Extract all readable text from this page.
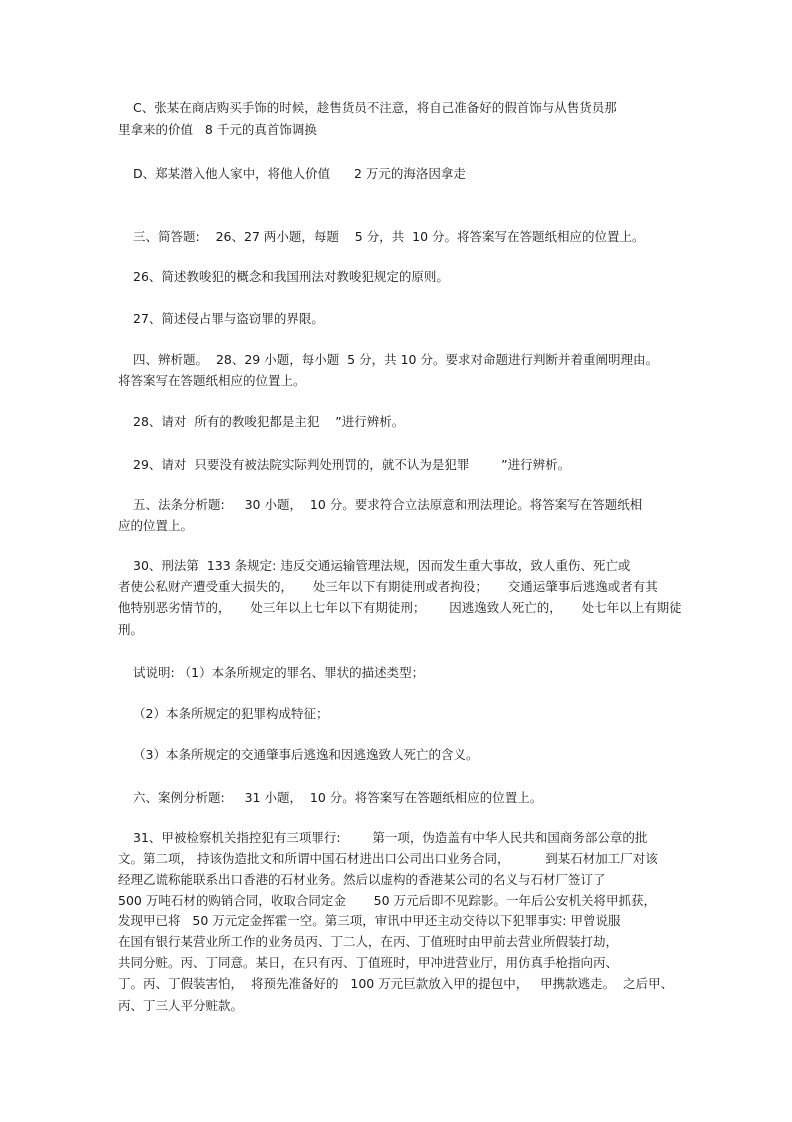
C、张某在商店购买手饰的时候，趁售货员不注意，将自己准备好的假首饰与从售货员那

里拿来的价值   8 千元的真首饰调换

D、郑某潜入他人家中，将他人价值      2 万元的海洛因拿走

三、简答题:    26、27 两小题，每题    5 分，共  10 分。将答案写在答题纸相应的位置上。

26、简述教唆犯的概念和我国刑法对教唆犯规定的原则。

27、简述侵占罪与盗窃罪的界限。

四、辨析题。  28、29 小题，每小题  5 分，共 10 分。要求对命题进行判断并着重阐明理由。

将答案写在答题纸相应的位置上。

28、请对  所有的教唆犯都是主犯    ”进行辨析。

29、请对  只要没有被法院实际判处刑罚的，就不认为是犯罪        ”进行辨析。

五、法条分析题:     30 小题，  10 分。要求符合立法原意和刑法理论。将答案写在答题纸相

应的位置上。

30、刑法第  133 条规定: 违反交通运输管理法规，因而发生重大事故，致人重伤、死亡或

者使公私财产遭受重大损失的，     处三年以下有期徒刑或者拘役；     交通运肇事后逃逸或者有其

他特别恶劣情节的，     处三年以上七年以下有期徒刑；      因逃逸致人死亡的，     处七年以上有期徒

刑。

试说明: （1）本条所规定的罪名、罪状的描述类型；

（2）本条所规定的犯罪构成特征；

（3）本条所规定的交通肇事后逃逸和因逃逸致人死亡的含义。

六、案例分析题:     31 小题，  10 分。将答案写在答题纸相应的位置上。

31、甲被检察机关指控犯有三项罪行:        第一项，伪造盖有中华人民共和国商务部公章的批

文。第二项， 持该伪造批文和所谓中国石材进出口公司出口业务合同，         到某石材加工厂对该

经理乙谎称能联系出口香港的石材业务。然后以虚构的香港某公司的名义与石材厂签订了

500 万吨石材的购销合同，收取合同定金       50 万元后即不见踪影。一年后公安机关将甲抓获，

发现甲已将   50 万元定金挥霍一空。第三项，审讯中甲还主动交待以下犯罪事实: 甲曾说服

在国有银行某营业所工作的业务员丙、丁二人，在丙、丁值班时由甲前去营业所假装打劫，

共同分赃。丙、丁同意。某日，在只有丙、丁值班时，甲冲进营业厅，用仿真手枪指向丙、

丁。丙、丁假装害怕，  将预先准备好的   100 万元巨款放入甲的提包中，   甲携款逃走。  之后甲、

丙、丁三人平分赃款。
